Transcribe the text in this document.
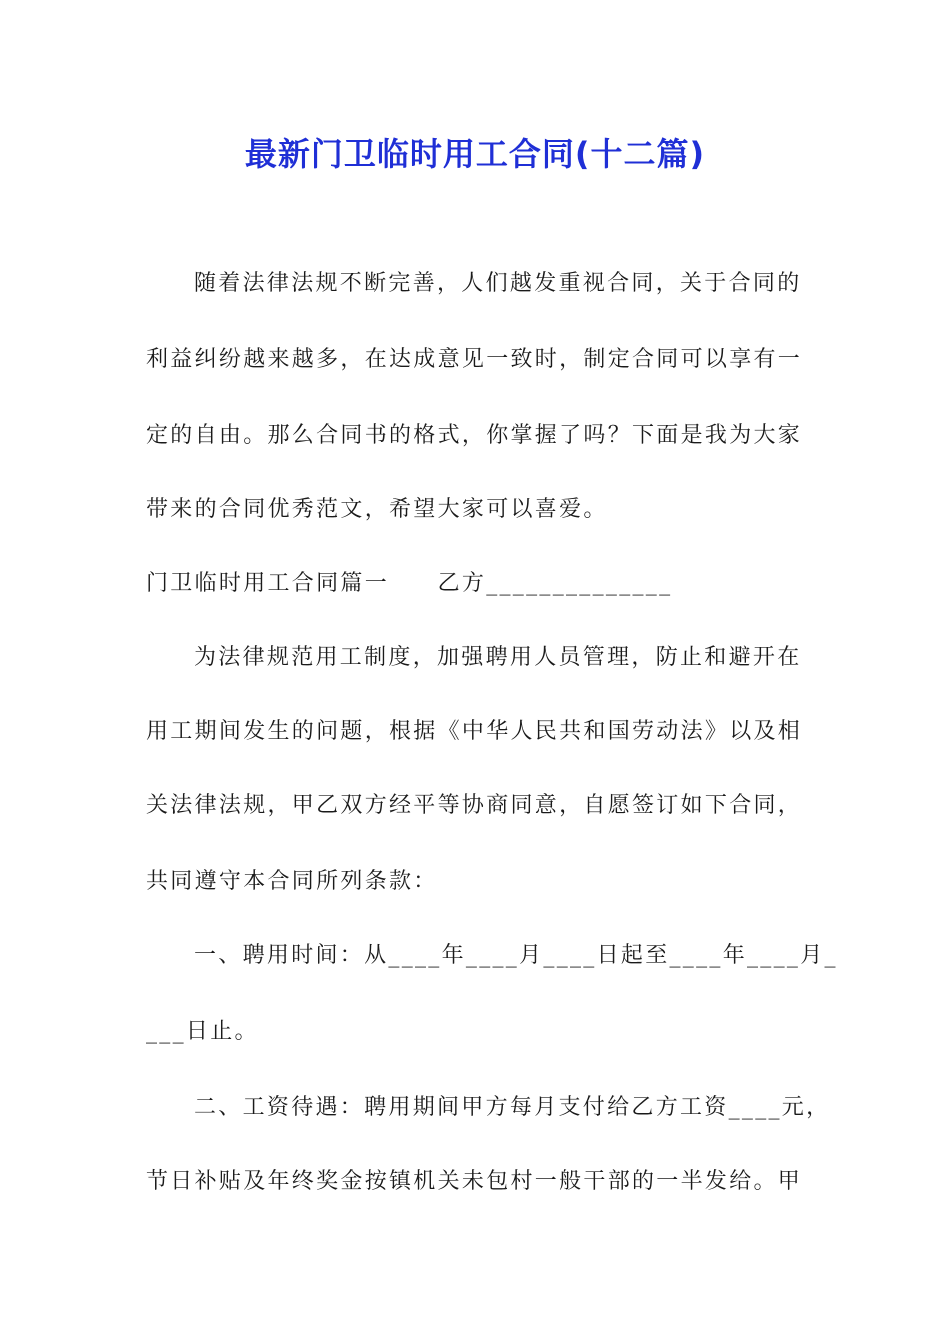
最新门卫临时用工合同(十二篇)
随着法律法规不断完善，人们越发重视合同，关于合同的
利益纠纷越来越多，在达成意见一致时，制定合同可以享有一
定的自由。那么合同书的格式，你掌握了吗？下面是我为大家
带来的合同优秀范文，希望大家可以喜爱。
门卫临时用工合同篇一　　乙方______________
为法律规范用工制度，加强聘用人员管理，防止和避开在
用工期间发生的问题，根据《中华人民共和国劳动法》以及相
关法律法规，甲乙双方经平等协商同意，自愿签订如下合同，
共同遵守本合同所列条款：
一、聘用时间：从____年____月____日起至____年____月_
___日止。
二、工资待遇：聘用期间甲方每月支付给乙方工资____元，
节日补贴及年终奖金按镇机关未包村一般干部的一半发给。甲
